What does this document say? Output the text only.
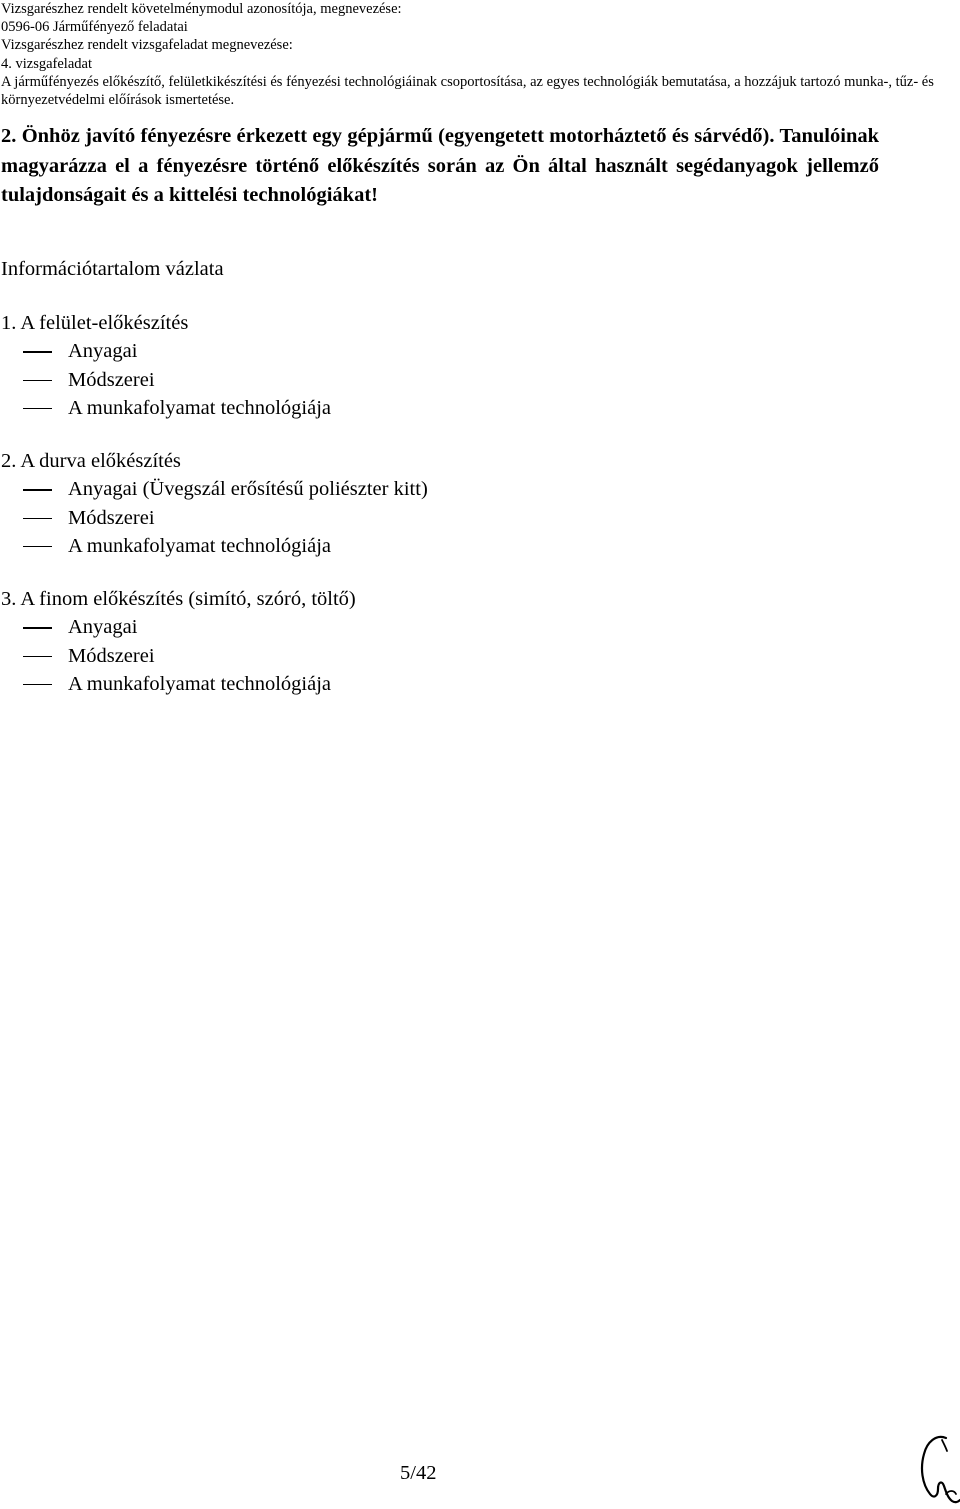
Vizsgarészhez rendelt követelménymodul azonosítója, megnevezése:

0596-06 Járműfényező feladatai

Vizsgarészhez rendelt vizsgafeladat megnevezése:

4. vizsgafeladat

A járműfényezés előkészítő, felületkikészítési és fényezési technológiáinak csoportosítása, az egyes technológiák bemutatása, a hozzájuk tartozó munka-, tűz- és környezetvédelmi előírások ismertetése.

2. Önhöz javító fényezésre érkezett egy gépjármű (egyengetett motorháztető és sárvédő). Tanulóinak magyarázza el a fényezésre történő előkészítés során az Ön által használt segédanyagok jellemző tulajdonságait és a kittelési technológiákat!

Információtartalom vázlata

1. A felület-előkészítés

Anyagai

Módszerei

A munkafolyamat technológiája

2. A durva előkészítés

Anyagai (Üvegszál erősítésű poliészter kitt)

Módszerei

A munkafolyamat technológiája

3. A finom előkészítés (simító, szóró, töltő)

Anyagai

Módszerei

A munkafolyamat technológiája

5/42
